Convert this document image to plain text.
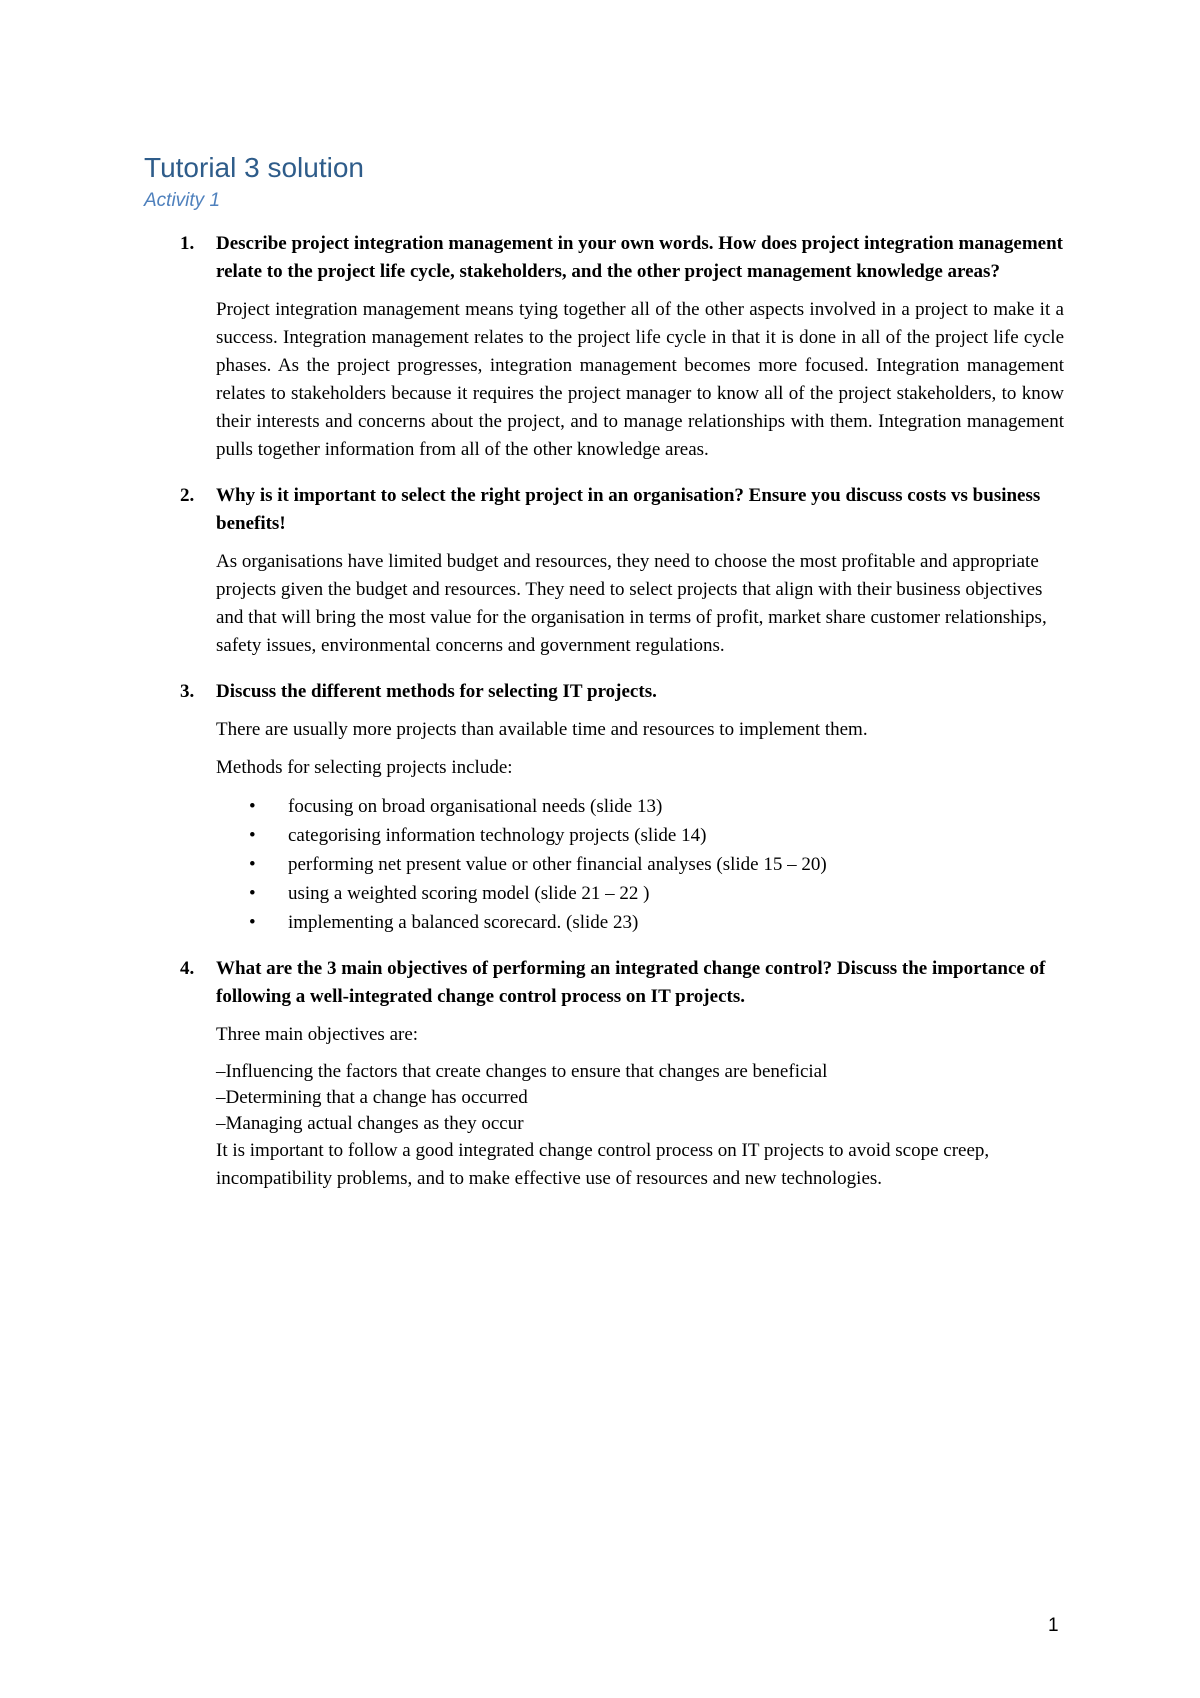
Tutorial 3 solution
Activity 1
1. Describe project integration management in your own words. How does project integration management relate to the project life cycle, stakeholders, and the other project management knowledge areas?

Project integration management means tying together all of the other aspects involved in a project to make it a success. Integration management relates to the project life cycle in that it is done in all of the project life cycle phases. As the project progresses, integration management becomes more focused. Integration management relates to stakeholders because it requires the project manager to know all of the project stakeholders, to know their interests and concerns about the project, and to manage relationships with them. Integration management pulls together information from all of the other knowledge areas.

2. Why is it important to select the right project in an organisation? Ensure you discuss costs vs business benefits!

As organisations have limited budget and resources, they need to choose the most profitable and appropriate projects given the budget and resources. They need to select projects that align with their business objectives and that will bring the most value for the organisation in terms of profit, market share customer relationships, safety issues, environmental concerns and government regulations.

3. Discuss the different methods for selecting IT projects.

There are usually more projects than available time and resources to implement them.

Methods for selecting projects include:

• focusing on broad organisational needs (slide 13)
• categorising information technology projects (slide 14)
• performing net present value or other financial analyses (slide 15 – 20)
• using a weighted scoring model (slide 21 – 22 )
• implementing a balanced scorecard. (slide 23)
4. What are the 3 main objectives of performing an integrated change control? Discuss the importance of following a well-integrated change control process on IT projects.

Three main objectives are:

–Influencing the factors that create changes to ensure that changes are beneficial

–Determining that a change has occurred

–Managing actual changes as they occur

It is important to follow a good integrated change control process on IT projects to avoid scope creep, incompatibility problems, and to make effective use of resources and new technologies.

1
